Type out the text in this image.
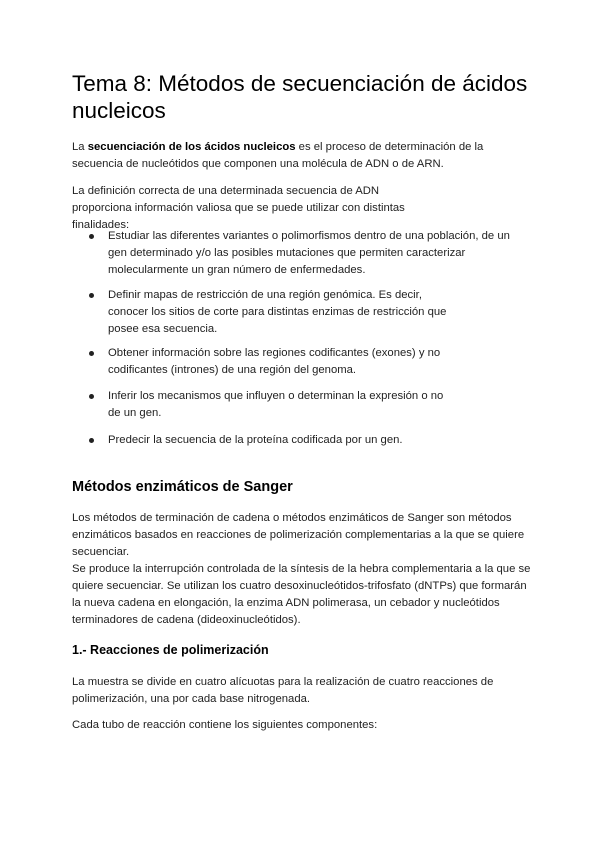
Tema 8: Métodos de secuenciación de ácidos nucleicos

La secuenciación de los ácidos nucleicos es el proceso de determinación de la secuencia de nucleótidos que componen una molécula de ADN o de ARN.

La definición correcta de una determinada secuencia de ADN proporciona información valiosa que se puede utilizar con distintas finalidades:

Estudiar las diferentes variantes o polimorfismos dentro de una población, de un gen determinado y/o las posibles mutaciones que permiten caracterizar molecularmente un gran número de enfermedades.
Definir mapas de restricción de una región genómica. Es decir, conocer los sitios de corte para distintas enzimas de restricción que posee esa secuencia.
Obtener información sobre las regiones codificantes (exones) y no codificantes (intrones) de una región del genoma.
Inferir los mecanismos que influyen o determinan la expresión o no de un gen.
Predecir la secuencia de la proteína codificada por un gen.
Métodos enzimáticos de Sanger

Los métodos de terminación de cadena o métodos enzimáticos de Sanger son métodos enzimáticos basados en reacciones de polimerización complementarias a la que se quiere secuenciar.

Se produce la interrupción controlada de la síntesis de la hebra complementaria a la que se quiere secuenciar. Se utilizan los cuatro desoxinucleótidos-trifosfato (dNTPs) que formarán la nueva cadena en elongación, la enzima ADN polimerasa, un cebador y nucleótidos terminadores de cadena (dideoxinucleótidos).

1.- Reacciones de polimerización

La muestra se divide en cuatro alícuotas para la realización de cuatro reacciones de polimerización, una por cada base nitrogenada.

Cada tubo de reacción contiene los siguientes componentes:
